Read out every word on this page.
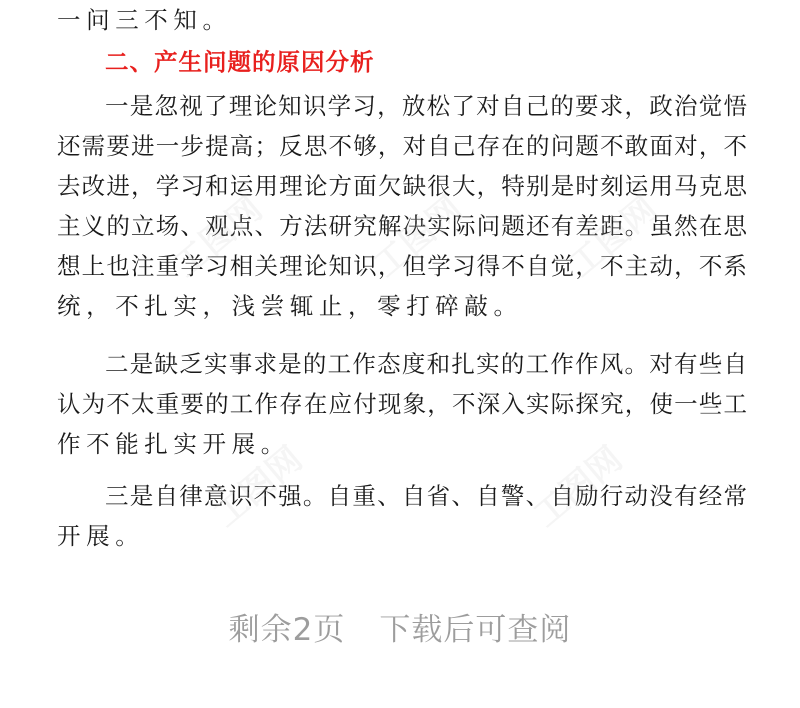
一问三不知。
二、产生问题的原因分析
一是忽视了理论知识学习，放松了对自己的要求，政治觉悟
还需要进一步提高；反思不够，对自己存在的问题不敢面对，不
去改进，学习和运用理论方面欠缺很大，特别是时刻运用马克思
主义的立场、观点、方法研究解决实际问题还有差距。虽然在思
想上也注重学习相关理论知识，但学习得不自觉，不主动，不系
统，不扎实，浅尝辄止，零打碎敲。
二是缺乏实事求是的工作态度和扎实的工作作风。对有些自
认为不太重要的工作存在应付现象，不深入实际探究，使一些工
作不能扎实开展。
三是自律意识不强。自重、自省、自警、自励行动没有经常
开展。
工图网	工图网	工图网
工图网	工图网
剩余2页 下载后可查阅
